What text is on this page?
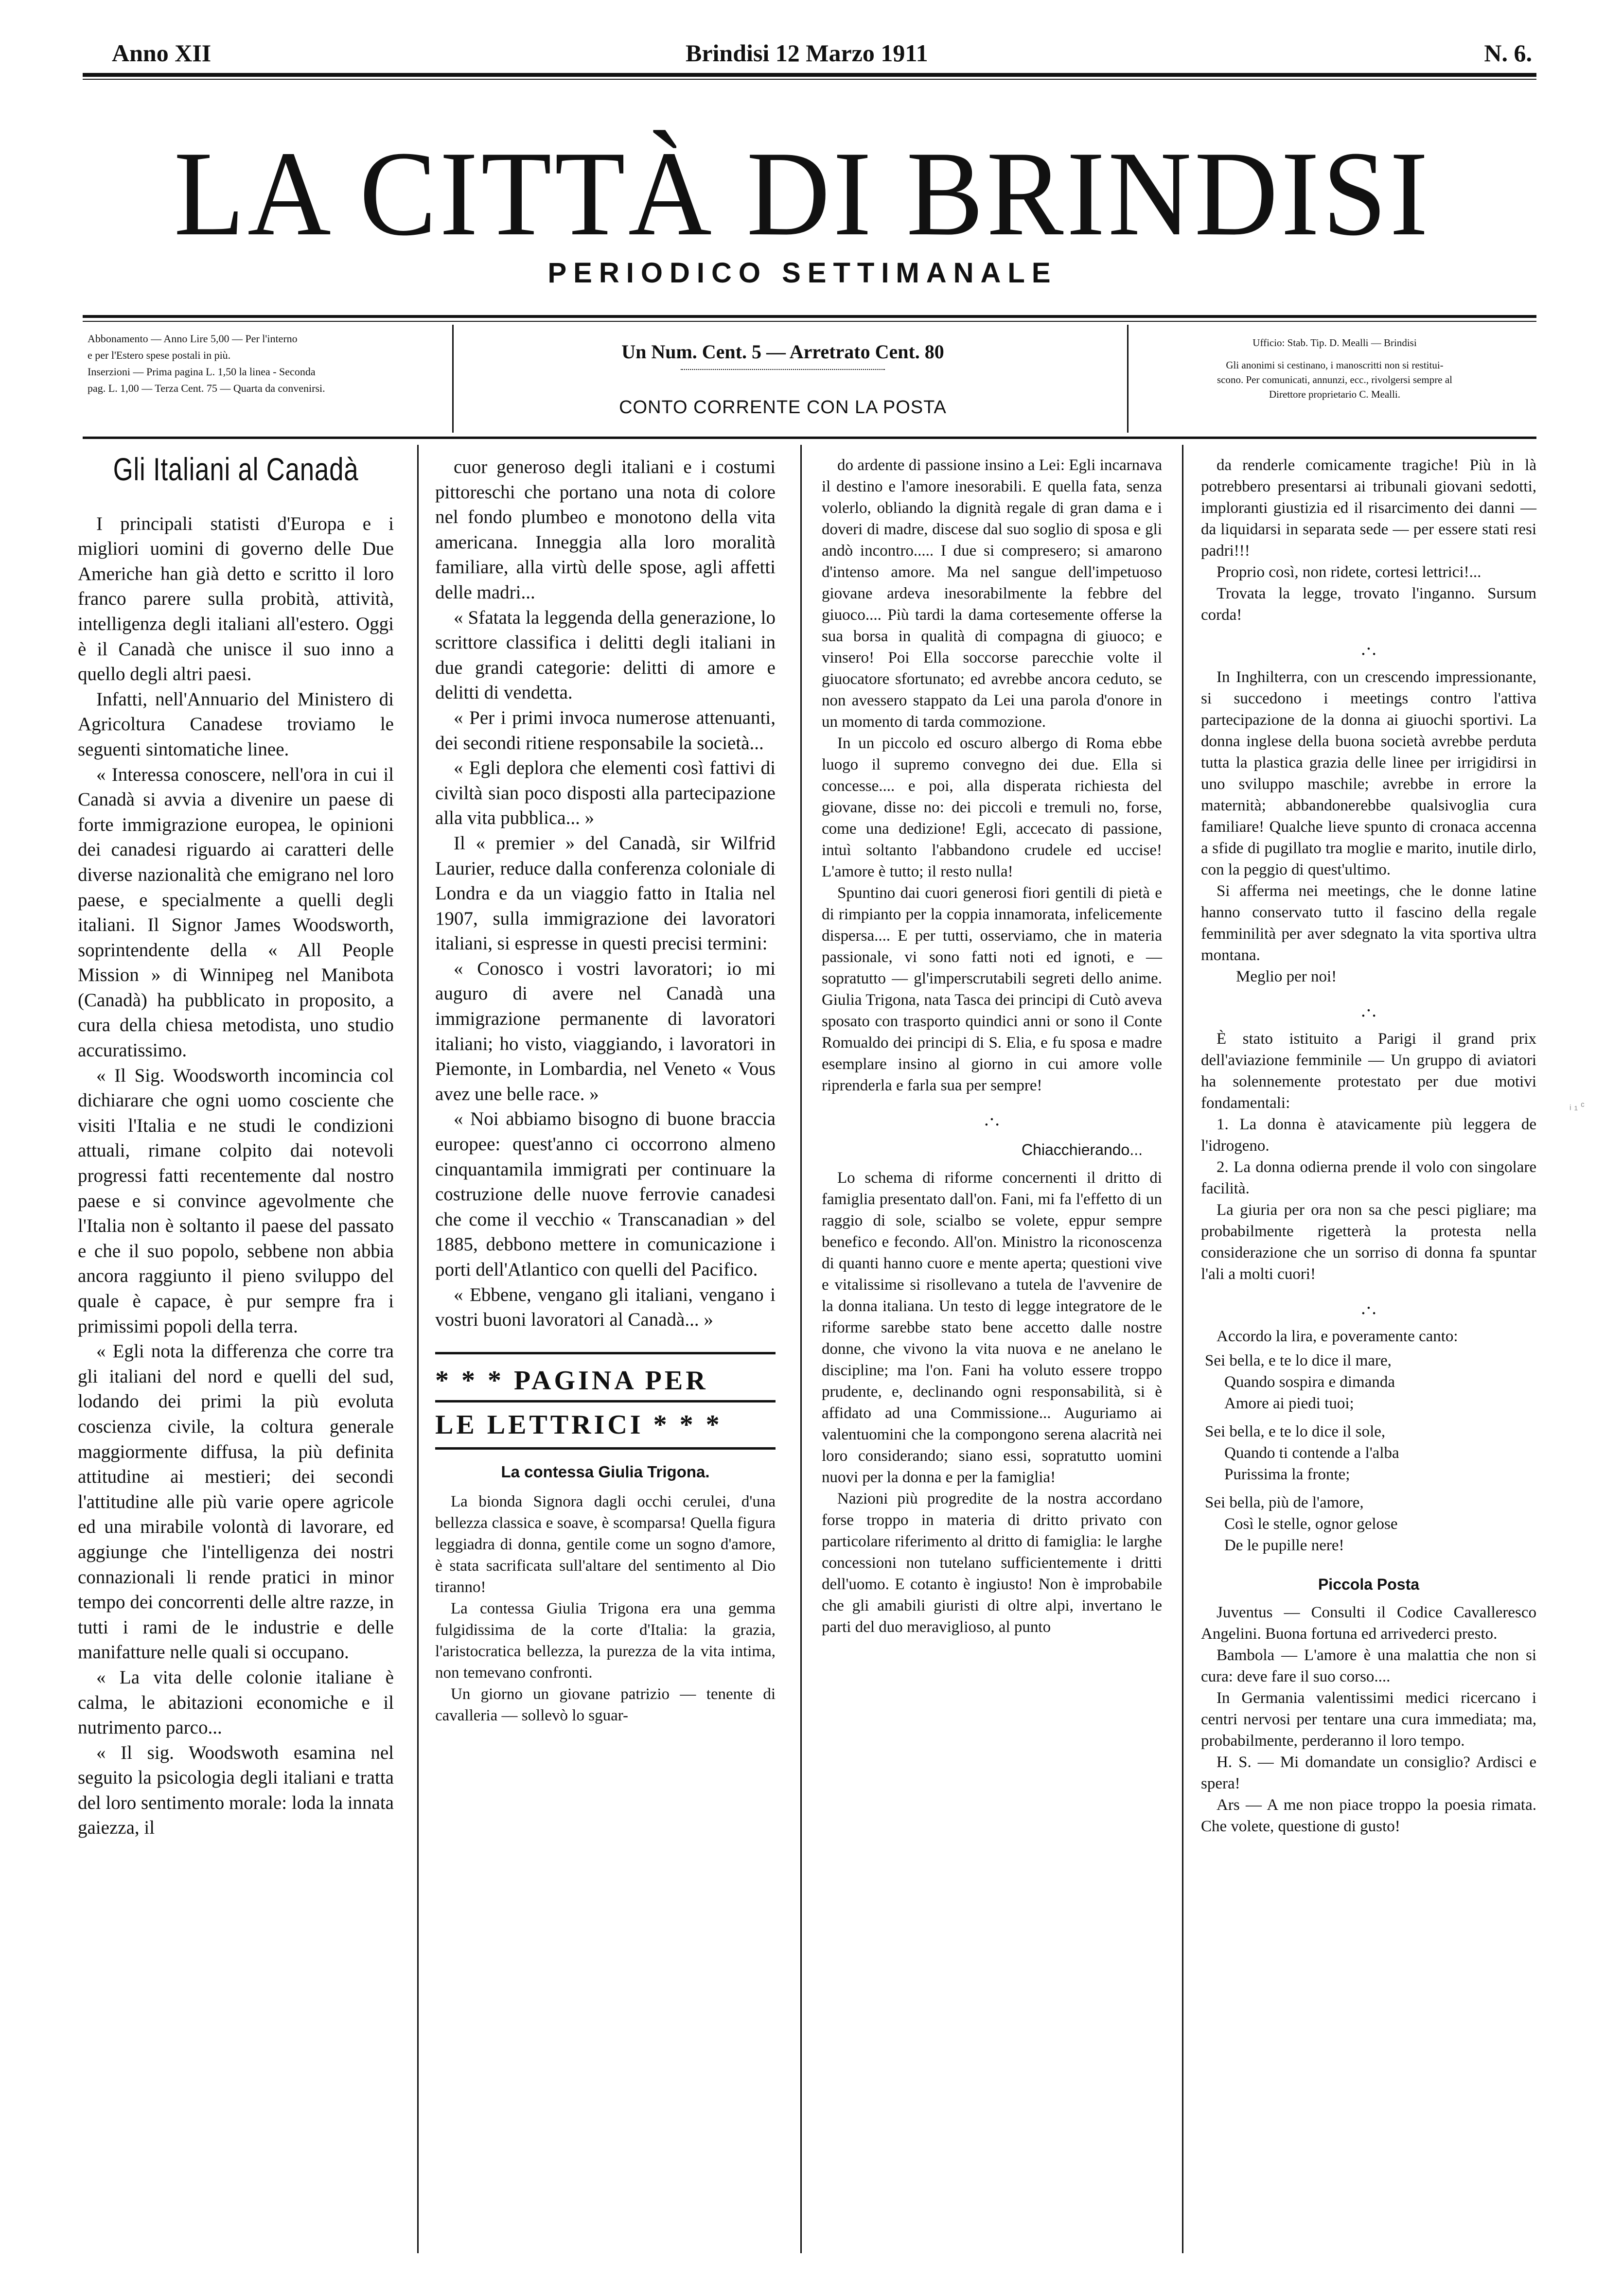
Anno XII	Brindisi 12 Marzo 1911	N. 6.
LA CITTÀ DI BRINDISI
PERIODICO SETTIMANALE
Abbonamento — Anno Lire 5,00 — Per l'interno
e per l'Estero spese postali in più.
Inserzioni — Prima pagina L. 1,50 la linea - Seconda
pag. L. 1,00 — Terza Cent. 75 — Quarta da convenirsi.
Un Num. Cent. 5 — Arretrato Cent. 80
CONTO CORRENTE CON LA POSTA
Ufficio: Stab. Tip. D. Mealli — Brindisi
Gli anonimi si cestinano, i manoscritti non si restitui-
scono. Per comunicati, annunzi, ecc., rivolgersi sempre al
Direttore proprietario C. Mealli.
Gli Italiani al Canadà

I principali statisti d'Europa e i migliori uomini di governo delle Due Americhe han già detto e scritto il loro franco parere sulla probità, attività, intelligenza degli italiani all'estero. Oggi è il Canadà che unisce il suo inno a quello degli altri paesi.

Infatti, nell'Annuario del Ministero di Agricoltura Canadese troviamo le seguenti sintomatiche linee.

« Interessa conoscere, nell'ora in cui il Canadà si avvia a divenire un paese di forte immigrazione europea, le opinioni dei canadesi riguardo ai caratteri delle diverse nazionalità che emigrano nel loro paese, e specialmente a quelli degli italiani. Il Signor James Woodsworth, soprintendente della « All People Mission » di Winnipeg nel Manibota (Canadà) ha pubblicato in proposito, a cura della chiesa metodista, uno studio accuratissimo.

« Il Sig. Woodsworth incomincia col dichiarare che ogni uomo cosciente che visiti l'Italia e ne studi le condizioni attuali, rimane colpito dai notevoli progressi fatti recentemente dal nostro paese e si convince agevolmente che l'Italia non è soltanto il paese del passato e che il suo popolo, sebbene non abbia ancora raggiunto il pieno sviluppo del quale è capace, è pur sempre fra i primissimi popoli della terra.

« Egli nota la differenza che corre tra gli italiani del nord e quelli del sud, lodando dei primi la più evoluta coscienza civile, la coltura generale maggiormente diffusa, la più definita attitudine ai mestieri; dei secondi l'attitudine alle più varie opere agricole ed una mirabile volontà di lavorare, ed aggiunge che l'intelligenza dei nostri connazionali li rende pratici in minor tempo dei concorrenti delle altre razze, in tutti i rami de le industrie e delle manifatture nelle quali si occupano.

« La vita delle colonie italiane è calma, le abitazioni economiche e il nutrimento parco...

« Il sig. Woodswoth esamina nel seguito la psicologia degli italiani e tratta del loro sentimento morale: loda la innata gaiezza, il

cuor generoso degli italiani e i costumi pittoreschi che portano una nota di colore nel fondo plumbeo e monotono della vita americana. Inneggia alla loro moralità familiare, alla virtù delle spose, agli affetti delle madri...

« Sfatata la leggenda della generazione, lo scrittore classifica i delitti degli italiani in due grandi categorie: delitti di amore e delitti di vendetta.

« Per i primi invoca numerose attenuanti, dei secondi ritiene responsabile la società...

« Egli deplora che elementi così fattivi di civiltà sian poco disposti alla partecipazione alla vita pubblica... »

Il « premier » del Canadà, sir Wilfrid Laurier, reduce dalla conferenza coloniale di Londra e da un viaggio fatto in Italia nel 1907, sulla immigrazione dei lavoratori italiani, si espresse in questi precisi termini:

« Conosco i vostri lavoratori; io mi auguro di avere nel Canadà una immigrazione permanente di lavoratori italiani; ho visto, viaggiando, i lavoratori in Piemonte, in Lombardia, nel Veneto « Vous avez une belle race. »

« Noi abbiamo bisogno di buone braccia europee: quest'anno ci occorrono almeno cinquantamila immigrati per continuare la costruzione delle nuove ferrovie canadesi che come il vecchio « Transcanadian » del 1885, debbono mettere in comunicazione i porti dell'Atlantico con quelli del Pacifico.

« Ebbene, vengano gli italiani, vengano i vostri buoni lavoratori al Canadà... »

* * * PAGINA PER
LE LETTRICI * * *
La contessa Giulia Trigona.

La bionda Signora dagli occhi cerulei, d'una bellezza classica e soave, è scomparsa! Quella figura leggiadra di donna, gentile come un sogno d'amore, è stata sacrificata sull'altare del sentimento al Dio tiranno!

La contessa Giulia Trigona era una gemma fulgidissima de la corte d'Italia: la grazia, l'aristocratica bellezza, la purezza de la vita intima, non temevano confronti.

Un giorno un giovane patrizio — tenente di cavalleria — sollevò lo sguar-

do ardente di passione insino a Lei: Egli incarnava il destino e l'amore inesorabili. E quella fata, senza volerlo, obliando la dignità regale di gran dama e i doveri di madre, discese dal suo soglio di sposa e gli andò incontro..... I due si compresero; si amarono d'intenso amore. Ma nel sangue dell'impetuoso giovane ardeva inesorabilmente la febbre del giuoco.... Più tardi la dama cortesemente offerse la sua borsa in qualità di compagna di giuoco; e vinsero! Poi Ella soccorse parecchie volte il giuocatore sfortunato; ed avrebbe ancora ceduto, se non avessero stappato da Lei una parola d'onore in un momento di tarda commozione.

In un piccolo ed oscuro albergo di Roma ebbe luogo il supremo convegno dei due. Ella si concesse.... e poi, alla disperata richiesta del giovane, disse no: dei piccoli e tremuli no, forse, come una dedizione! Egli, accecato di passione, intuì soltanto l'abbandono crudele ed uccise! L'amore è tutto; il resto nulla!

Spuntino dai cuori generosi fiori gentili di pietà e di rimpianto per la coppia innamorata, infelicemente dispersa.... E per tutti, osserviamo, che in materia passionale, vi sono fatti noti ed ignoti, e — sopratutto — gl'imperscrutabili segreti dello anime. Giulia Trigona, nata Tasca dei principi di Cutò aveva sposato con trasporto quindici anni or sono il Conte Romualdo dei principi di S. Elia, e fu sposa e madre esemplare insino al giorno in cui amore volle riprenderla e farla sua per sempre!

.·.
Chiacchierando...

Lo schema di riforme concernenti il dritto di famiglia presentato dall'on. Fani, mi fa l'effetto di un raggio di sole, scialbo se volete, eppur sempre benefico e fecondo. All'on. Ministro la riconoscenza di quanti hanno cuore e mente aperta; questioni vive e vitalissime si risollevano a tutela de l'avvenire de la donna italiana. Un testo di legge integratore de le riforme sarebbe stato bene accetto dalle nostre donne, che vivono la vita nuova e ne anelano le discipline; ma l'on. Fani ha voluto essere troppo prudente, e, declinando ogni responsabilità, si è affidato ad una Commissione... Auguriamo ai valentuomini che la compongono serena alacrità nei loro considerando; siano essi, sopratutto uomini nuovi per la donna e per la famiglia!

Nazioni più progredite de la nostra accordano forse troppo in materia di dritto privato con particolare riferimento al dritto di famiglia: le larghe concessioni non tutelano sufficientemente i dritti dell'uomo. E cotanto è ingiusto! Non è improbabile che gli amabili giuristi di oltre alpi, invertano le parti del duo meraviglioso, al punto

da renderle comicamente tragiche! Più in là potrebbero presentarsi ai tribunali giovani sedotti, imploranti giustizia ed il risarcimento dei danni — da liquidarsi in separata sede — per essere stati resi padri!!!

Proprio così, non ridete, cortesi lettrici!...

Trovata la legge, trovato l'inganno. Sursum corda!

.·.

In Inghilterra, con un crescendo impressionante, si succedono i meetings contro l'attiva partecipazione de la donna ai giuochi sportivi. La donna inglese della buona società avrebbe perduta tutta la plastica grazia delle linee per irrigidirsi in uno sviluppo maschile; avrebbe in errore la maternità; abbandonerebbe qualsivoglia cura familiare! Qualche lieve spunto di cronaca accenna a sfide di pugillato tra moglie e marito, inutile dirlo, con la peggio di quest'ultimo.

Si afferma nei meetings, che le donne latine hanno conservato tutto il fascino della regale femminilità per aver sdegnato la vita sportiva ultra montana.

Meglio per noi!

.·.

È stato istituito a Parigi il grand prix dell'aviazione femminile — Un gruppo di aviatori ha solennemente protestato per due motivi fondamentali:

1. La donna è atavicamente più leggera de l'idrogeno.

2. La donna odierna prende il volo con singolare facilità.

La giuria per ora non sa che pesci pigliare; ma probabilmente rigetterà la protesta nella considerazione che un sorriso di donna fa spuntar l'ali a molti cuori!

.·.

Accordo la lira, e poveramente canto:

Sei bella, e te lo dice il mare,
Quando sospira e dimanda
Amore ai piedi tuoi;
Sei bella, e te lo dice il sole,
Quando ti contende a l'alba
Purissima la fronte;
Sei bella, più de l'amore,
Così le stelle, ognor gelose
De le pupille nere!
Piccola Posta

Juventus — Consulti il Codice Cavalleresco Angelini. Buona fortuna ed arrivederci presto.

Bambola — L'amore è una malattia che non si cura: deve fare il suo corso....

In Germania valentissimi medici ricercano i centri nervosi per tentare una cura immediata; ma, probabilmente, perderanno il loro tempo.

H. S. — Mi domandate un consiglio? Ardisci e spera!

Ars — A me non piace troppo la poesia rimata. Che volete, questione di gusto!

ᵢ ₁ ᶜ
